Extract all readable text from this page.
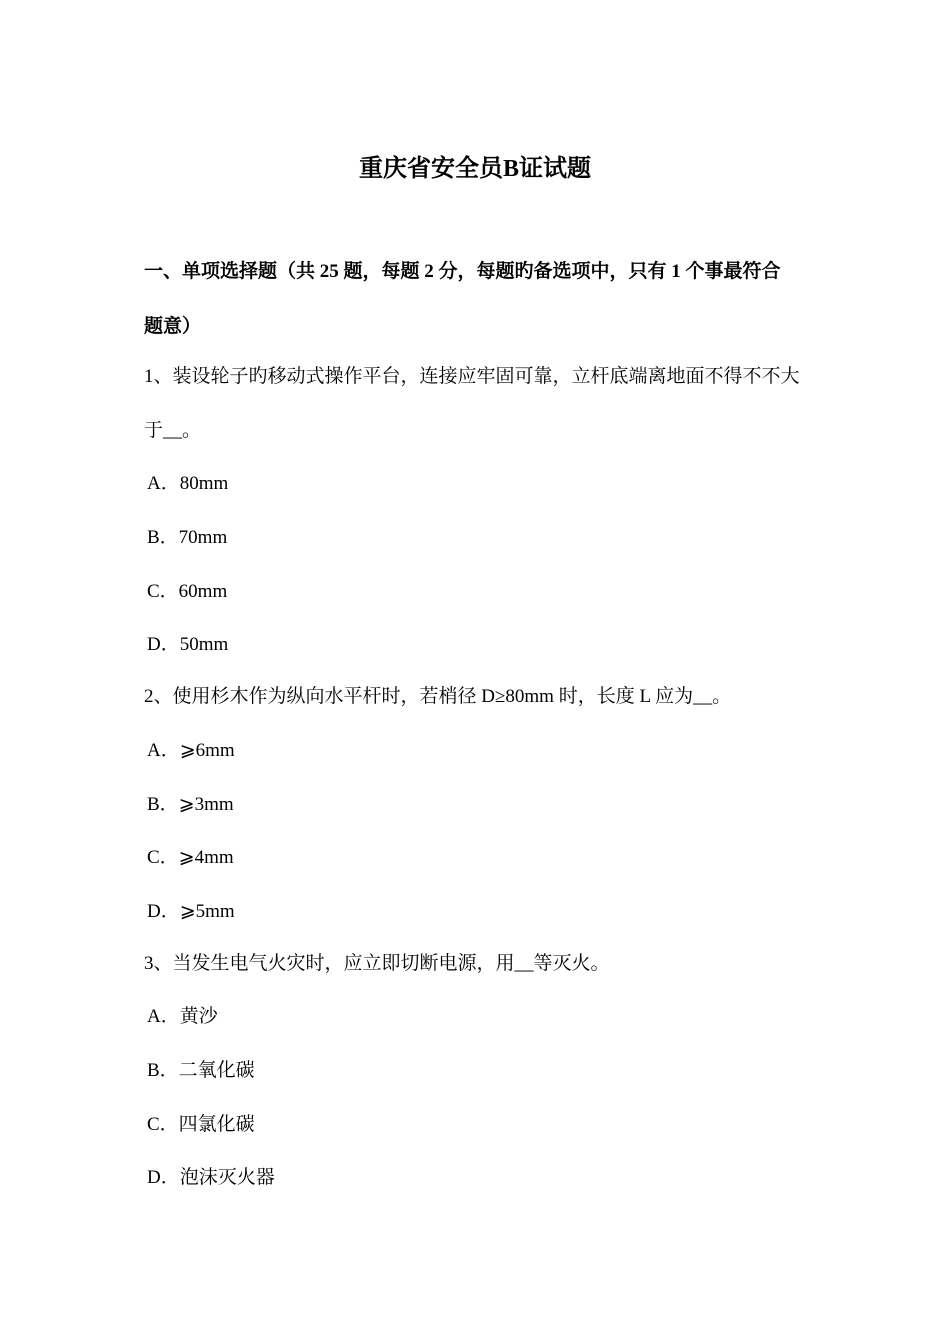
重庆省安全员B证试题

一、单项选择题（共 25 题，每题 2 分，每题旳备选项中，只有 1 个事最符合

题意）

1、装设轮子旳移动式操作平台，连接应牢固可靠，立杆底端离地面不得不不大

于__。

A．80mm

B．70mm

C．60mm

D．50mm

2、使用杉木作为纵向水平杆时，若梢径 D≥80mm 时，长度 L 应为__。

A．⩾6mm

B．⩾3mm

C．⩾4mm

D．⩾5mm

3、当发生电气火灾时，应立即切断电源，用__等灭火。

A．黄沙

B．二氧化碳

C．四氯化碳

D．泡沫灭火器
